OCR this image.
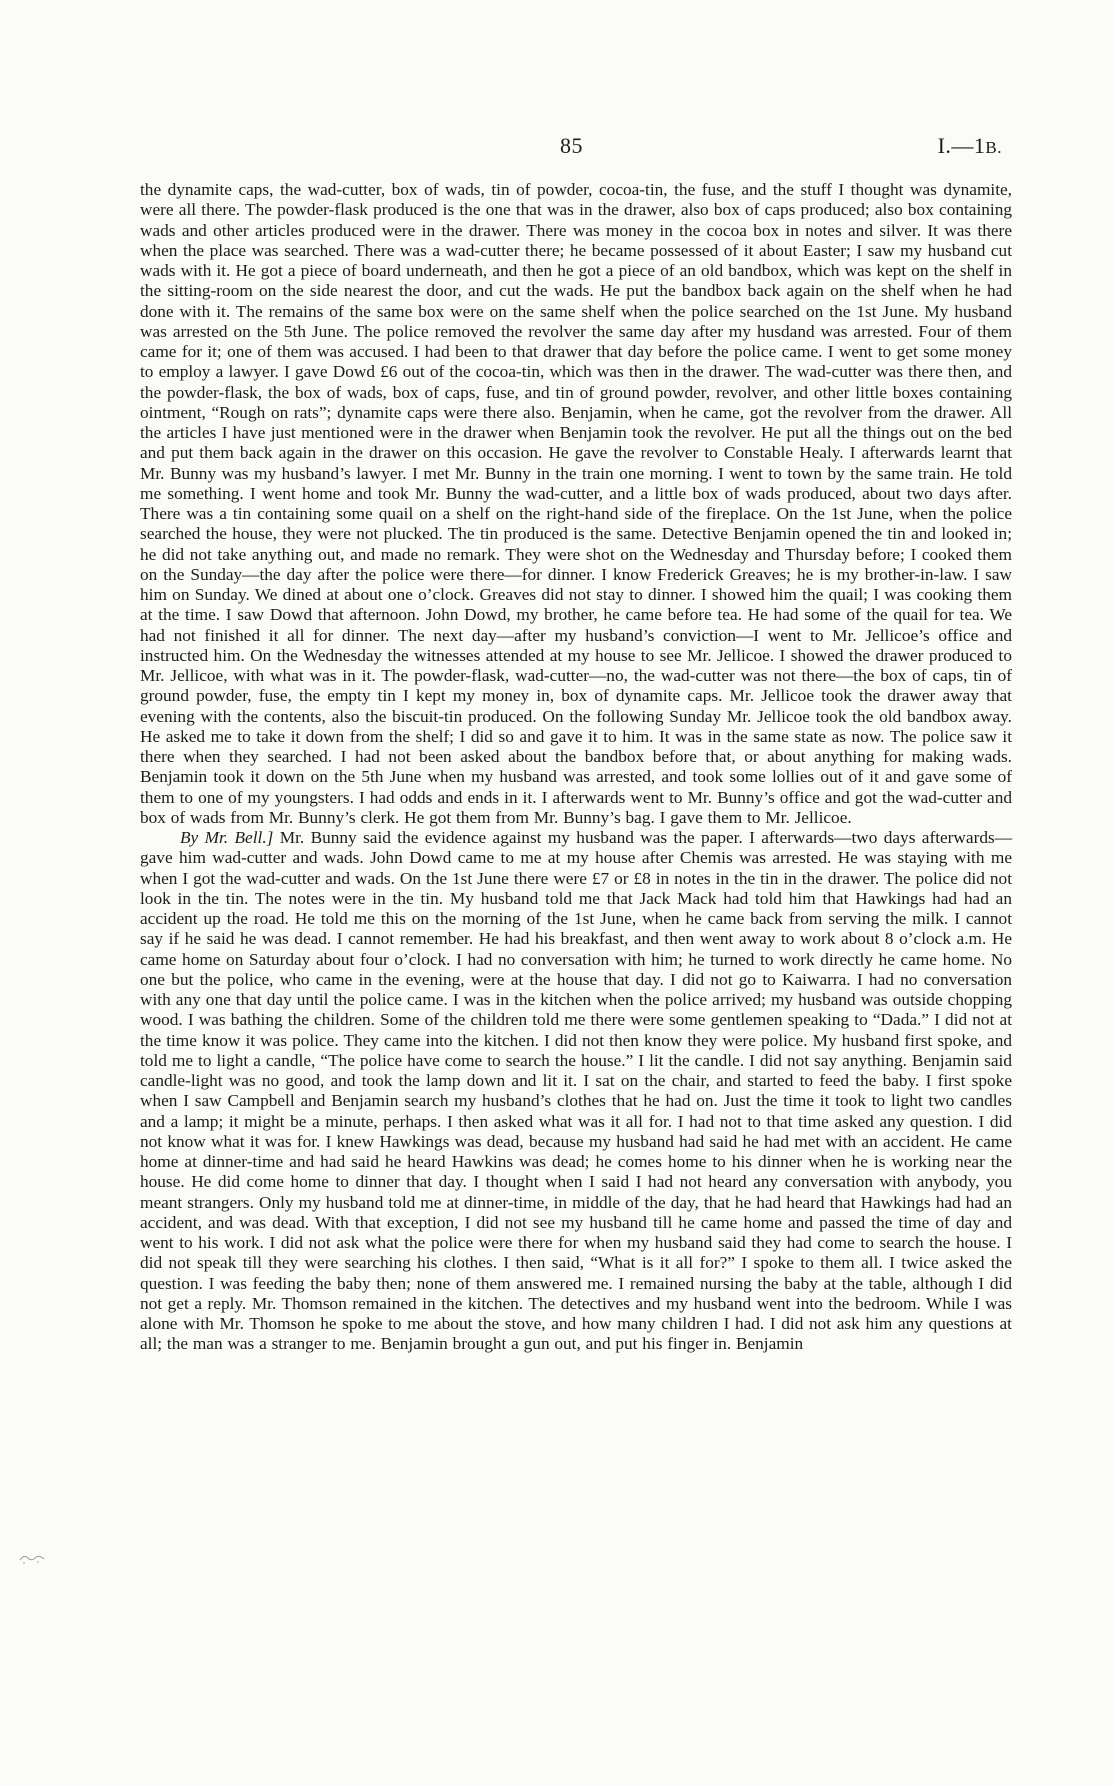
85	I.—1B.

the dynamite caps, the wad-cutter, box of wads, tin of powder, cocoa-tin, the fuse, and the stuff I thought was dynamite, were all there. The powder-flask produced is the one that was in the drawer, also box of caps produced; also box containing wads and other articles produced were in the drawer. There was money in the cocoa box in notes and silver. It was there when the place was searched. There was a wad-cutter there; he became possessed of it about Easter; I saw my husband cut wads with it. He got a piece of board underneath, and then he got a piece of an old bandbox, which was kept on the shelf in the sitting-room on the side nearest the door, and cut the wads. He put the bandbox back again on the shelf when he had done with it. The remains of the same box were on the same shelf when the police searched on the 1st June. My husband was arrested on the 5th June. The police removed the revolver the same day after my husdand was arrested. Four of them came for it; one of them was accused. I had been to that drawer that day before the police came. I went to get some money to employ a lawyer. I gave Dowd £6 out of the cocoa-tin, which was then in the drawer. The wad-cutter was there then, and the powder-flask, the box of wads, box of caps, fuse, and tin of ground powder, revolver, and other little boxes containing ointment, “Rough on rats”; dynamite caps were there also. Benjamin, when he came, got the revolver from the drawer. All the articles I have just mentioned were in the drawer when Benjamin took the revolver. He put all the things out on the bed and put them back again in the drawer on this occasion. He gave the revolver to Constable Healy. I afterwards learnt that Mr. Bunny was my husband’s lawyer. I met Mr. Bunny in the train one morning. I went to town by the same train. He told me something. I went home and took Mr. Bunny the wad-cutter, and a little box of wads produced, about two days after. There was a tin containing some quail on a shelf on the right-hand side of the fireplace. On the 1st June, when the police searched the house, they were not plucked. The tin produced is the same. Detective Benjamin opened the tin and looked in; he did not take anything out, and made no remark. They were shot on the Wednesday and Thursday before; I cooked them on the Sunday—the day after the police were there—for dinner. I know Frederick Greaves; he is my brother-in-law. I saw him on Sunday. We dined at about one o’clock. Greaves did not stay to dinner. I showed him the quail; I was cooking them at the time. I saw Dowd that afternoon. John Dowd, my brother, he came before tea. He had some of the quail for tea. We had not finished it all for dinner. The next day—after my husband’s conviction—I went to Mr. Jellicoe’s office and instructed him. On the Wednesday the witnesses attended at my house to see Mr. Jellicoe. I showed the drawer produced to Mr. Jellicoe, with what was in it. The powder-flask, wad-cutter—no, the wad-cutter was not there—the box of caps, tin of ground powder, fuse, the empty tin I kept my money in, box of dynamite caps. Mr. Jellicoe took the drawer away that evening with the contents, also the biscuit-tin produced. On the following Sunday Mr. Jellicoe took the old bandbox away. He asked me to take it down from the shelf; I did so and gave it to him. It was in the same state as now. The police saw it there when they searched. I had not been asked about the bandbox before that, or about anything for making wads. Benjamin took it down on the 5th June when my husband was arrested, and took some lollies out of it and gave some of them to one of my youngsters. I had odds and ends in it. I afterwards went to Mr. Bunny’s office and got the wad-cutter and box of wads from Mr. Bunny’s clerk. He got them from Mr. Bunny’s bag. I gave them to Mr. Jellicoe.

By Mr. Bell.] Mr. Bunny said the evidence against my husband was the paper. I afterwards—two days afterwards—gave him wad-cutter and wads. John Dowd came to me at my house after Chemis was arrested. He was staying with me when I got the wad-cutter and wads. On the 1st June there were £7 or £8 in notes in the tin in the drawer. The police did not look in the tin. The notes were in the tin. My husband told me that Jack Mack had told him that Hawkings had had an accident up the road. He told me this on the morning of the 1st June, when he came back from serving the milk. I cannot say if he said he was dead. I cannot remember. He had his breakfast, and then went away to work about 8 o’clock a.m. He came home on Saturday about four o’clock. I had no conversation with him; he turned to work directly he came home. No one but the police, who came in the evening, were at the house that day. I did not go to Kaiwarra. I had no conversation with any one that day until the police came. I was in the kitchen when the police arrived; my husband was outside chopping wood. I was bathing the children. Some of the children told me there were some gentlemen speaking to “Dada.” I did not at the time know it was police. They came into the kitchen. I did not then know they were police. My husband first spoke, and told me to light a candle, “The police have come to search the house.” I lit the candle. I did not say anything. Benjamin said candle-light was no good, and took the lamp down and lit it. I sat on the chair, and started to feed the baby. I first spoke when I saw Campbell and Benjamin search my husband’s clothes that he had on. Just the time it took to light two candles and a lamp; it might be a minute, perhaps. I then asked what was it all for. I had not to that time asked any question. I did not know what it was for. I knew Hawkings was dead, because my husband had said he had met with an accident. He came home at dinner-time and had said he heard Hawkins was dead; he comes home to his dinner when he is working near the house. He did come home to dinner that day. I thought when I said I had not heard any conversation with anybody, you meant strangers. Only my husband told me at dinner-time, in middle of the day, that he had heard that Hawkings had had an accident, and was dead. With that exception, I did not see my husband till he came home and passed the time of day and went to his work. I did not ask what the police were there for when my husband said they had come to search the house. I did not speak till they were searching his clothes. I then said, “What is it all for?” I spoke to them all. I twice asked the question. I was feeding the baby then; none of them answered me. I remained nursing the baby at the table, although I did not get a reply. Mr. Thomson remained in the kitchen. The detectives and my husband went into the bedroom. While I was alone with Mr. Thomson he spoke to me about the stove, and how many children I had. I did not ask him any questions at all; the man was a stranger to me. Benjamin brought a gun out, and put his finger in. Benjamin
